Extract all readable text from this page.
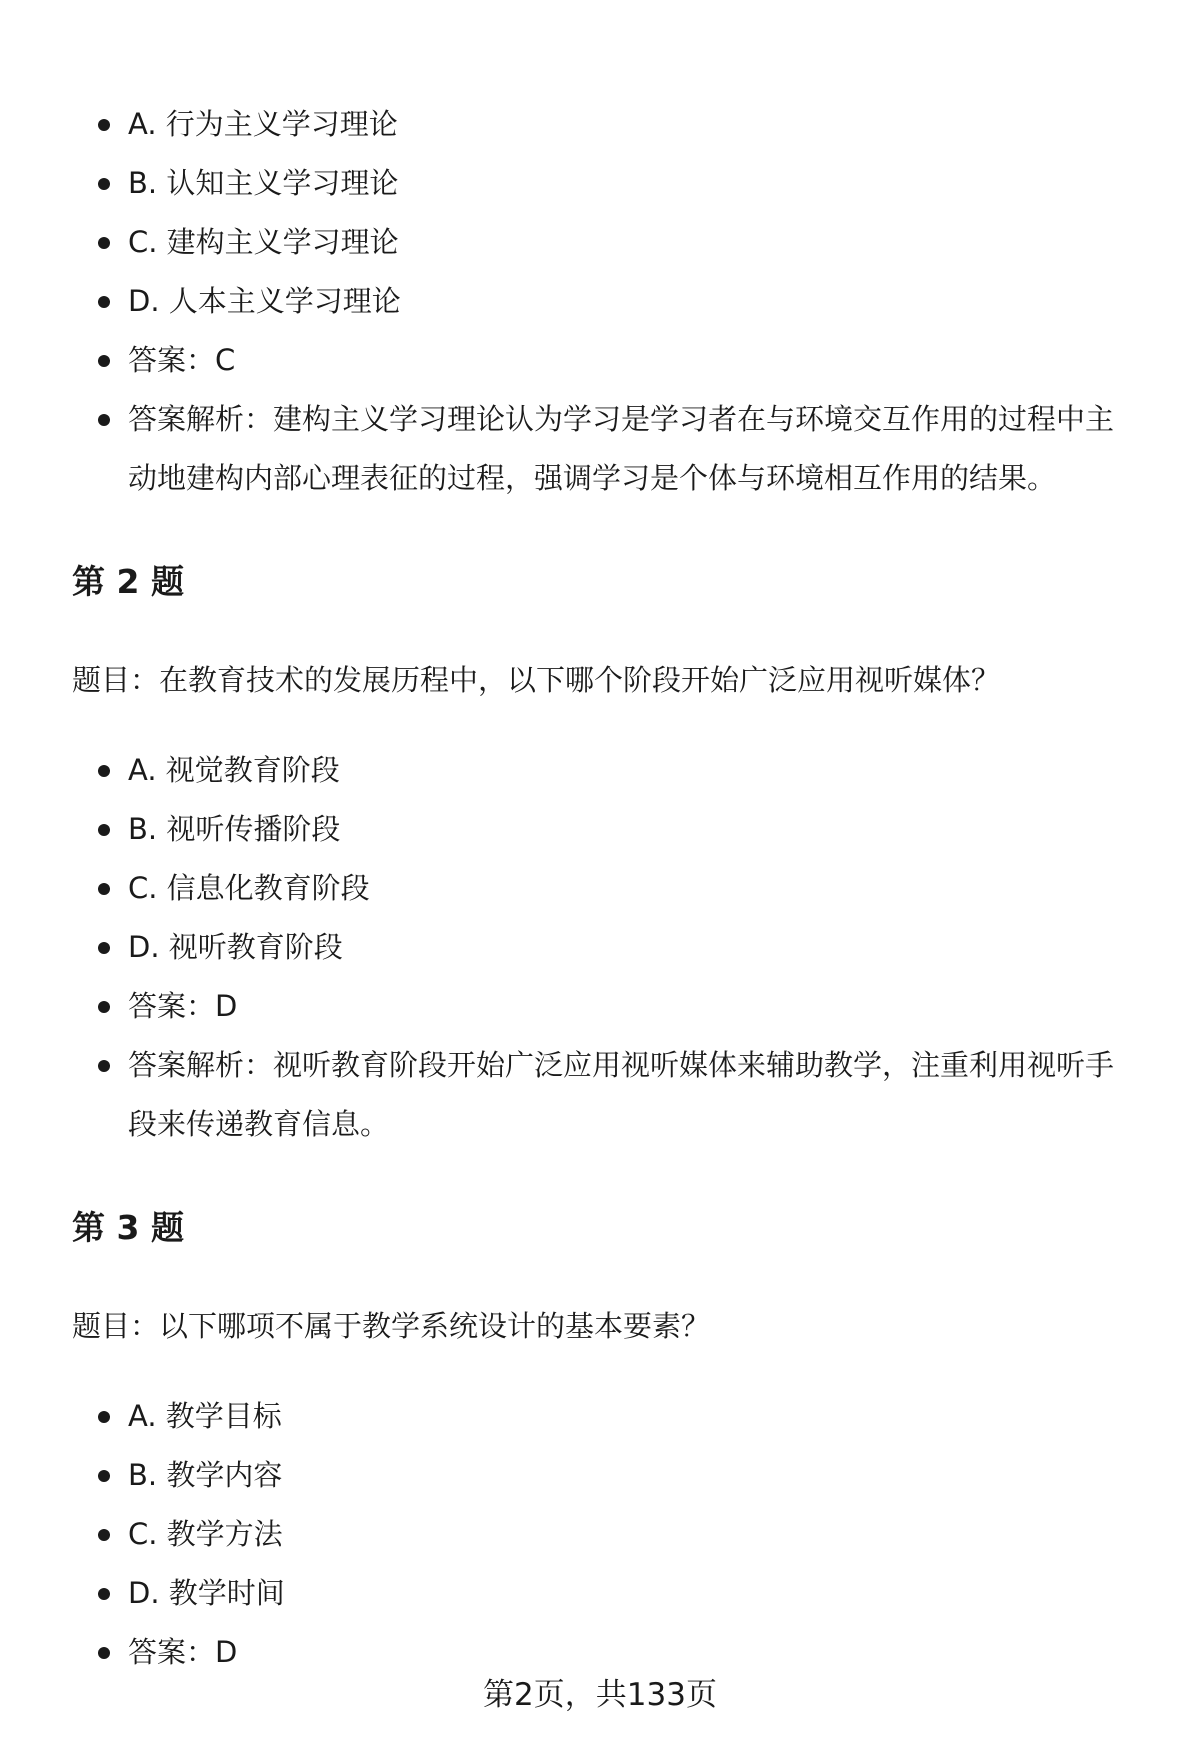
A. 行为主义学习理论
B. 认知主义学习理论
C. 建构主义学习理论
D. 人本主义学习理论
答案：C
答案解析：建构主义学习理论认为学习是学习者在与环境交互作用的过程中主动地建构内部心理表征的过程，强调学习是个体与环境相互作用的结果。
第 2 题

题目：在教育技术的发展历程中，以下哪个阶段开始广泛应用视听媒体？

A. 视觉教育阶段
B. 视听传播阶段
C. 信息化教育阶段
D. 视听教育阶段
答案：D
答案解析：视听教育阶段开始广泛应用视听媒体来辅助教学，注重利用视听手段来传递教育信息。
第 3 题

题目：以下哪项不属于教学系统设计的基本要素？

A. 教学目标
B. 教学内容
C. 教学方法
D. 教学时间
答案：D
第2页，共133页
